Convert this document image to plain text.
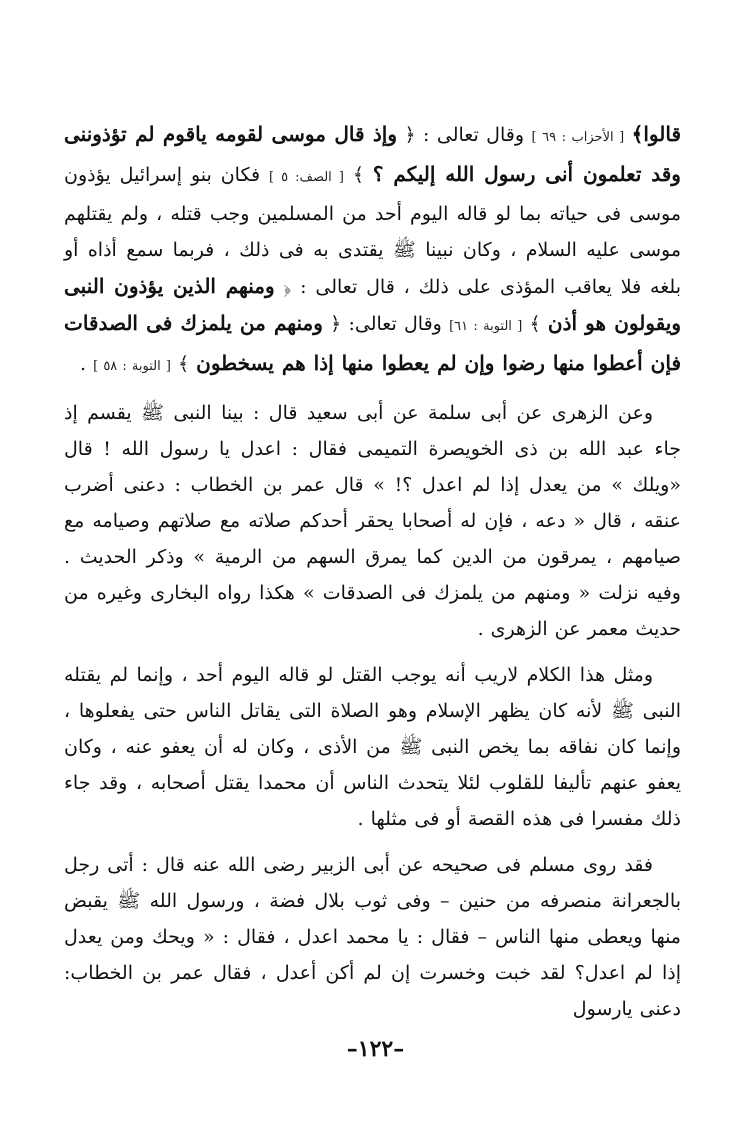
قالوا﴾ [ الأحزاب : ٦٩ ] وقال تعالى : ﴿ وإذ قال موسى لقومه ياقوم لم تؤذوننى وقد تعلمون أنى رسول الله إليكم ؟ ﴾ [ الصف: ٥ ] فكان بنو إسرائيل يؤذون موسى فى حياته بما لو قاله اليوم أحد من المسلمين وجب قتله ، ولم يقتلهم موسى عليه السلام ، وكان نبينا ﷺ يقتدى به فى ذلك ، فربما سمع أذاه أو بلغه فلا يعاقب المؤذى على ذلك ، قال تعالى : ﴿ ومنهم الذين يؤذون النبى ويقولون هو أذن ﴾ [ التوبة : ٦١] وقال تعالى: ﴿ ومنهم من يلمزك فى الصدقات فإن أعطوا منها رضوا وإن لم يعطوا منها إذا هم يسخطون ﴾ [ التوبة : ٥٨ ] .

وعن الزهرى عن أبى سلمة عن أبى سعيد قال : بينا النبى ﷺ يقسم إذ جاء عبد الله بن ذى الخويصرة التميمى فقال : اعدل يا رسول الله ! قال «ويلك » من يعدل إذا لم اعدل ؟! » قال عمر بن الخطاب : دعنى أضرب عنقه ، قال « دعه ، فإن له أصحابا يحقر أحدكم صلاته مع صلاتهم وصيامه مع صيامهم ، يمرقون من الدين كما يمرق السهم من الرمية » وذكر الحديث . وفيه نزلت « ومنهم من يلمزك فى الصدقات » هكذا رواه البخارى وغيره من حديث معمر عن الزهرى .

ومثل هذا الكلام لاريب أنه يوجب القتل لو قاله اليوم أحد ، وإنما لم يقتله النبى ﷺ لأنه كان يظهر الإسلام وهو الصلاة التى يقاتل الناس حتى يفعلوها ، وإنما كان نفاقه بما يخص النبى ﷺ من الأذى ، وكان له أن يعفو عنه ، وكان يعفو عنهم تأليفا للقلوب لئلا يتحدث الناس أن محمدا يقتل أصحابه ، وقد جاء ذلك مفسرا فى هذه القصة أو فى مثلها .

فقد روى مسلم فى صحيحه عن أبى الزبير رضى الله عنه قال : أتى رجل بالجعرانة منصرفه من حنين – وفى ثوب بلال فضة ، ورسول الله ﷺ يقبض منها ويعطى منها الناس – فقال : يا محمد اعدل ، فقال : « ويحك ومن يعدل إذا لم اعدل؟ لقد خبت وخسرت إن لم أكن أعدل ، فقال عمر بن الخطاب: دعنى يارسول

–١٢٢–
